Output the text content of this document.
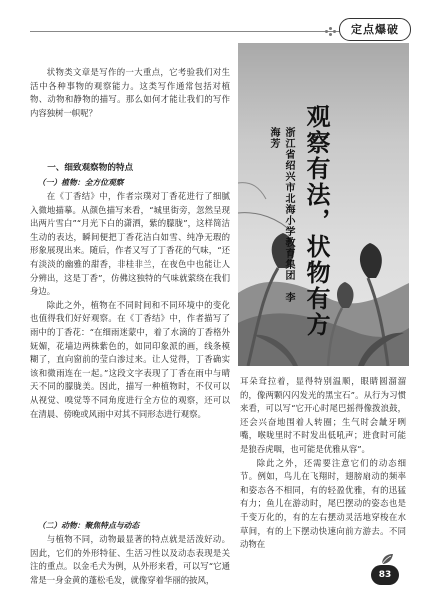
定点爆破

状物类文章是写作的一大重点，它考验我们对生活中各种事物的观察能力。这类写作通常包括对植物、动物和静物的描写。那么如何才能让我们的写作内容独树一帜呢？

一、细致观察物的特点
（一）植物：全方位观察

在《丁香结》中，作者宗璞对丁香花进行了细腻入微地描摹。从颜色描写来看，“城里街旁，忽然呈现出两片雪白”“月光下白的潇洒，紫的朦胧”，这样简洁生动的表达，瞬间便把丁香花洁白如雪、纯净无瑕的形象展现出来。随后，作者又写了丁香花的气味，“还有淡淡的幽雅的甜香，非桂非兰，在夜色中也能让人分辨出，这是丁香”，仿佛这独特的气味就萦绕在我们身边。

除此之外，植物在不同时间和不同环境中的变化也值得我们好好观察。在《丁香结》中，作者描写了雨中的丁香花：“在细雨迷蒙中，着了水滴的丁香格外妩媚，花墙边两株紫色的，如同印象派的画，线条模糊了，直向窗前的莹白渗过来。让人觉得，丁香确实该和微雨连在一起。”这段文字表现了丁香在雨中与晴天不同的朦胧美。因此，描写一种植物时，不仅可以从视觉、嗅觉等不同角度进行全方位的观察，还可以在清晨、傍晚或风雨中对其不同形态进行观察。

（二）动物：聚焦特点与动态

与植物不同，动物最显著的特点就是活泼好动。因此，它们的外形特征、生活习性以及动态表现是关注的重点。以金毛犬为例，从外形来看，可以写“它通常是一身金黄的蓬松毛发，就像穿着华丽的披风，

观察有法，状物有方
浙江省绍兴市北海小学教育集团　李海芳

耳朵耷拉着，显得特别温顺，眼睛圆溜溜的，像两颗闪闪发光的黑宝石”。从行为习惯来看，可以写“它开心时尾巴摇得像拨浪鼓，还会兴奋地围着人转圈；生气时会龇牙咧嘴，喉咙里时不时发出低吼声；进食时可能是狼吞虎咽，也可能是优雅从容”。

除此之外，还需要注意它们的动态细节。例如，鸟儿在飞翔时，翅膀扇动的频率和姿态各不相同，有的轻盈优雅，有的迅猛有力；鱼儿在游动时，尾巴摆动的姿态也是千变万化的，有的左右摆动灵活地穿梭在水草间，有的上下摆动快速向前方游去。不同动物在

83
